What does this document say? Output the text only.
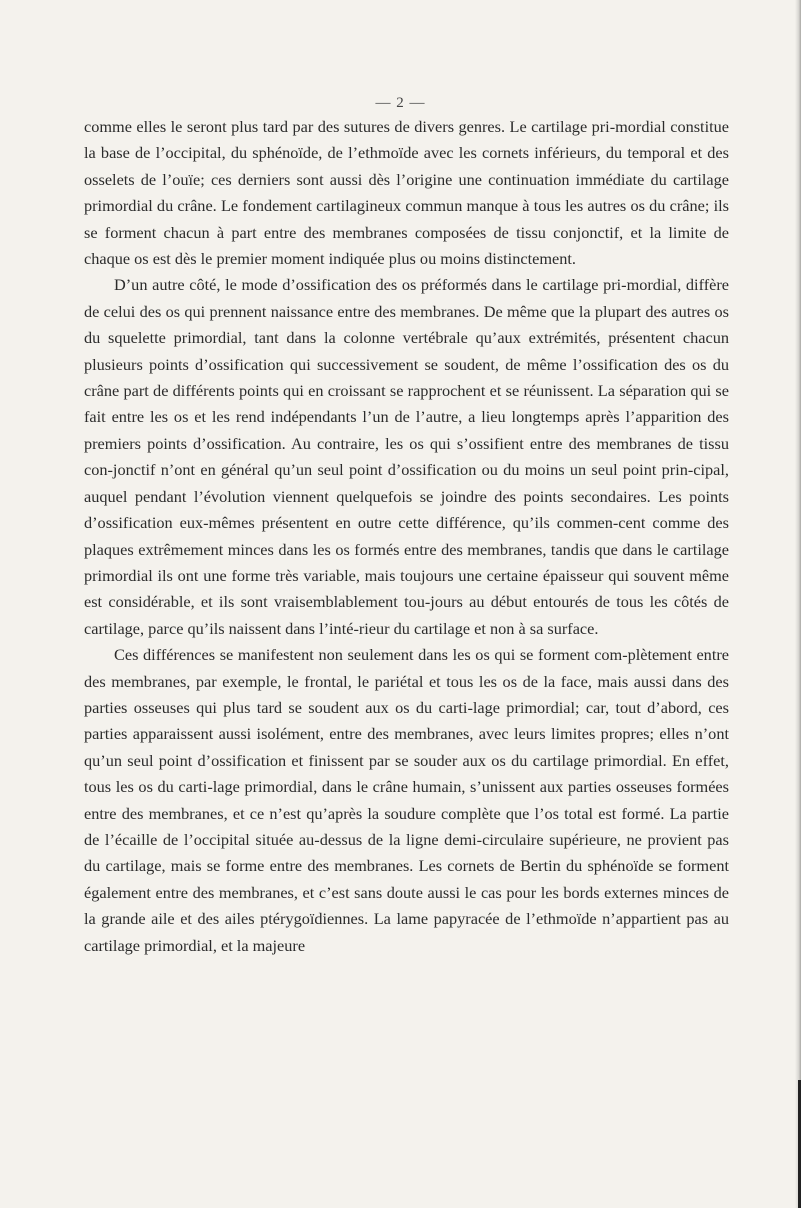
— 2 —

comme elles le seront plus tard par des sutures de divers genres. Le cartilage pri-mordial constitue la base de l’occipital, du sphénoïde, de l’ethmoïde avec les cornets inférieurs, du temporal et des osselets de l’ouïe; ces derniers sont aussi dès l’origine une continuation immédiate du cartilage primordial du crâne. Le fondement cartilagineux commun manque à tous les autres os du crâne; ils se forment chacun à part entre des membranes composées de tissu conjonctif, et la limite de chaque os est dès le premier moment indiquée plus ou moins distinctement.

D’un autre côté, le mode d’ossification des os préformés dans le cartilage pri-mordial, diffère de celui des os qui prennent naissance entre des membranes. De même que la plupart des autres os du squelette primordial, tant dans la colonne vertébrale qu’aux extrémités, présentent chacun plusieurs points d’ossification qui successivement se soudent, de même l’ossification des os du crâne part de différents points qui en croissant se rapprochent et se réunissent. La séparation qui se fait entre les os et les rend indépendants l’un de l’autre, a lieu longtemps après l’apparition des premiers points d’ossification. Au contraire, les os qui s’ossifient entre des membranes de tissu con-jonctif n’ont en général qu’un seul point d’ossification ou du moins un seul point prin-cipal, auquel pendant l’évolution viennent quelquefois se joindre des points secondaires. Les points d’ossification eux-mêmes présentent en outre cette différence, qu’ils commen-cent comme des plaques extrêmement minces dans les os formés entre des membranes, tandis que dans le cartilage primordial ils ont une forme très variable, mais toujours une certaine épaisseur qui souvent même est considérable, et ils sont vraisemblablement tou-jours au début entourés de tous les côtés de cartilage, parce qu’ils naissent dans l’inté-rieur du cartilage et non à sa surface.

Ces différences se manifestent non seulement dans les os qui se forment com-plètement entre des membranes, par exemple, le frontal, le pariétal et tous les os de la face, mais aussi dans des parties osseuses qui plus tard se soudent aux os du carti-lage primordial; car, tout d’abord, ces parties apparaissent aussi isolément, entre des membranes, avec leurs limites propres; elles n’ont qu’un seul point d’ossification et finissent par se souder aux os du cartilage primordial. En effet, tous les os du carti-lage primordial, dans le crâne humain, s’unissent aux parties osseuses formées entre des membranes, et ce n’est qu’après la soudure complète que l’os total est formé. La partie de l’écaille de l’occipital située au-dessus de la ligne demi-circulaire supérieure, ne provient pas du cartilage, mais se forme entre des membranes. Les cornets de Bertin du sphénoïde se forment également entre des membranes, et c’est sans doute aussi le cas pour les bords externes minces de la grande aile et des ailes ptérygoïdiennes. La lame papyracée de l’ethmoïde n’appartient pas au cartilage primordial, et la majeure
